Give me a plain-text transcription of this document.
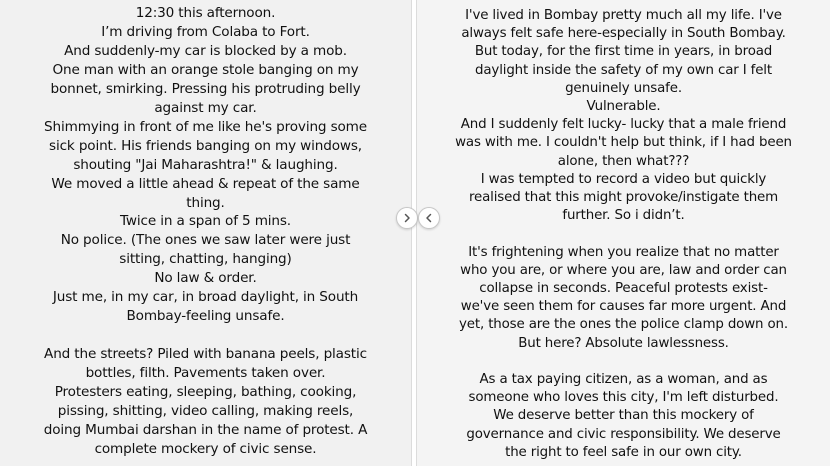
12:30 this afternoon.
I’m driving from Colaba to Fort.
And suddenly-my car is blocked by a mob.
One man with an orange stole banging on my
bonnet, smirking. Pressing his protruding belly
against my car.
Shimmying in front of me like he's proving some
sick point. His friends banging on my windows,
shouting "Jai Maharashtra!" & laughing.
We moved a little ahead & repeat of the same
thing.
Twice in a span of 5 mins.
No police. (The ones we saw later were just
sitting, chatting, hanging)
No law & order.
Just me, in my car, in broad daylight, in South
Bombay-feeling unsafe.
And the streets? Piled with banana peels, plastic
bottles, filth. Pavements taken over.
Protesters eating, sleeping, bathing, cooking,
pissing, shitting, video calling, making reels,
doing Mumbai darshan in the name of protest. A
complete mockery of civic sense.
I've lived in Bombay pretty much all my life. I've
always felt safe here-especially in South Bombay.
But today, for the first time in years, in broad
daylight inside the safety of my own car I felt
genuinely unsafe.
Vulnerable.
And I suddenly felt lucky- lucky that a male friend
was with me. I couldn't help but think, if I had been
alone, then what???
I was tempted to record a video but quickly
realised that this might provoke/instigate them
further. So i didn’t.
It's frightening when you realize that no matter
who you are, or where you are, law and order can
collapse in seconds. Peaceful protests exist-
we've seen them for causes far more urgent. And
yet, those are the ones the police clamp down on.
But here? Absolute lawlessness.
As a tax paying citizen, as a woman, and as
someone who loves this city, I'm left disturbed.
We deserve better than this mockery of
governance and civic responsibility. We deserve
the right to feel safe in our own city.
